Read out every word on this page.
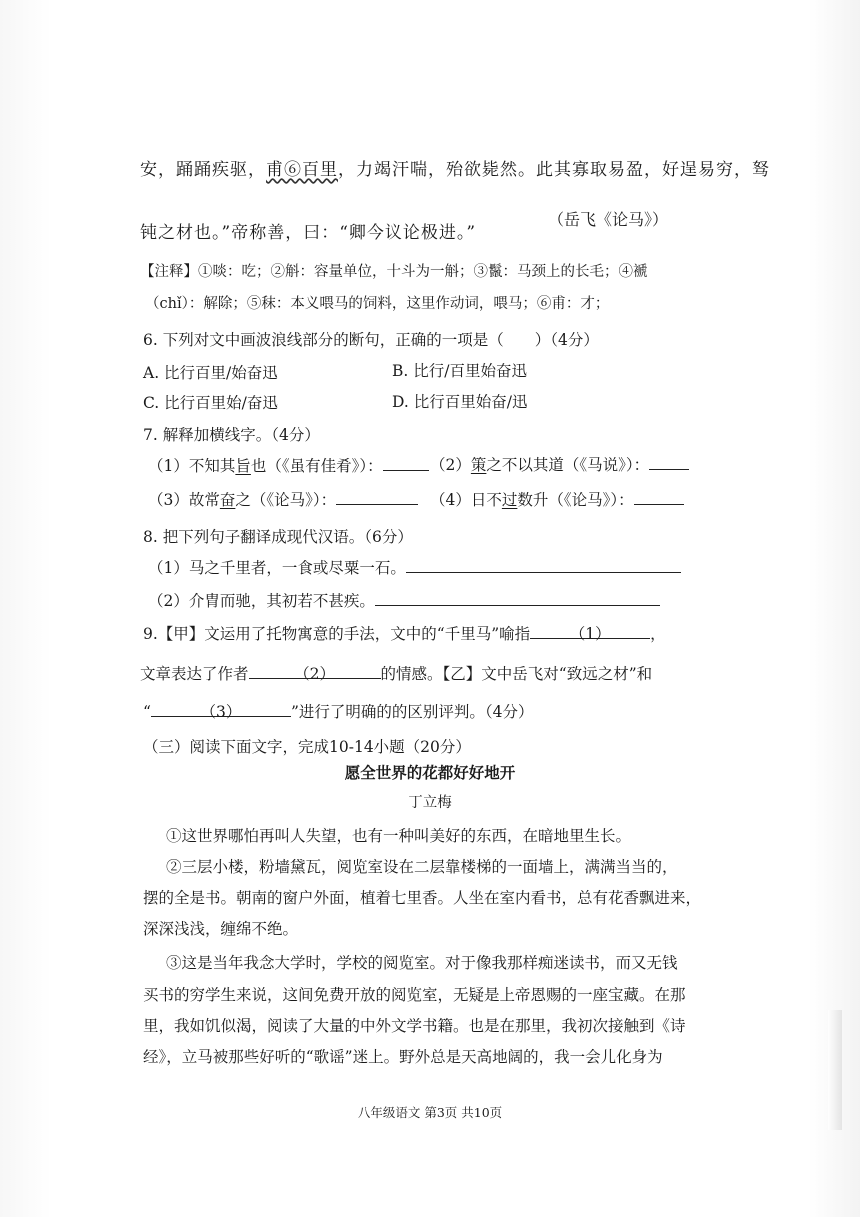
安，踊踊疾驱，甫⑥百里，力竭汗喘，殆欲毙然。此其寡取易盈，好逞易穷，驽
钝之材也。”帝称善，曰：“卿今议论极进。”
（岳飞《论马》）
【注释】①啖：吃；②斛：容量单位，十斗为一斛；③鬣：马颈上的长毛；④褫
（chǐ）：解除；⑤秣：本义喂马的饲料，这里作动词，喂马；⑥甫：才；
6. 下列对文中画波浪线部分的断句，正确的一项是（　　）（4分）
A. 比行百里/始奋迅	B. 比行/百里始奋迅
C. 比行百里始/奋迅	D. 比行百里始奋/迅
7. 解释加横线字。（4分）
（1）不知其旨也（《虽有佳肴》）：	（2）策之不以其道（《马说》）：
（3）故常奋之（《论马》）：	（4）日不过数升（《论马》）：
8. 把下列句子翻译成现代汉语。（6分）
（1）马之千里者，一食或尽粟一石。
（2）介胄而驰，其初若不甚疾。
9.【甲】文运用了托物寓意的手法，文中的“千里马”喻指	（1）	，
文章表达了作者	（2）	的情感。【乙】文中岳飞对“致远之材”和
“	（3）	”进行了明确的的区别评判。（4分）
（三）阅读下面文字，完成10-14小题（20分）
愿全世界的花都好好地开
丁立梅
①这世界哪怕再叫人失望，也有一种叫美好的东西，在暗地里生长。
②三层小楼，粉墙黛瓦，阅览室设在二层靠楼梯的一面墙上，满满当当的，
摆的全是书。朝南的窗户外面，植着七里香。人坐在室内看书，总有花香飘进来，
深深浅浅，缠绵不绝。
③这是当年我念大学时，学校的阅览室。对于像我那样痴迷读书，而又无钱
买书的穷学生来说，这间免费开放的阅览室，无疑是上帝恩赐的一座宝藏。在那
里，我如饥似渴，阅读了大量的中外文学书籍。也是在那里，我初次接触到《诗
经》，立马被那些好听的“歌谣”迷上。野外总是天高地阔的，我一会儿化身为
八年级语文 第3页 共10页
